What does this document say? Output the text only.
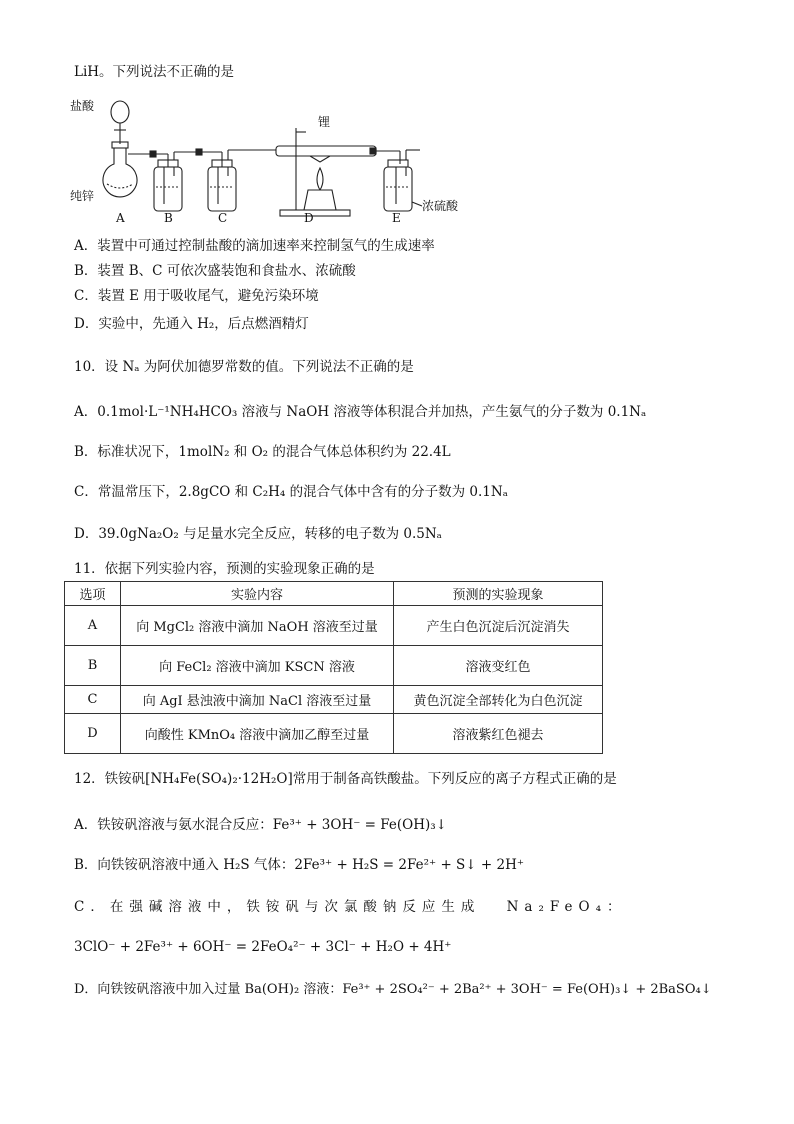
LiH。下列说法不正确的是
盐酸
纯锌
锂
浓硫酸
A	B	C	D	E
A．装置中可通过控制盐酸的滴加速率来控制氢气的生成速率
B．装置 B、C 可依次盛装饱和食盐水、浓硫酸
C．装置 E 用于吸收尾气，避免污染环境
D．实验中，先通入 H₂，后点燃酒精灯
10．设 Nₐ 为阿伏加德罗常数的值。下列说法不正确的是
A．0.1mol·L⁻¹NH₄HCO₃ 溶液与 NaOH 溶液等体积混合并加热，产生氨气的分子数为 0.1Nₐ
B．标准状况下，1molN₂ 和 O₂ 的混合气体总体积约为 22.4L
C．常温常压下，2.8gCO 和 C₂H₄ 的混合气体中含有的分子数为 0.1Nₐ
D．39.0gNa₂O₂ 与足量水完全反应，转移的电子数为 0.5Nₐ
11．依据下列实验内容，预测的实验现象正确的是
选项	实验内容	预测的实验现象
A	向 MgCl₂ 溶液中滴加 NaOH 溶液至过量	产生白色沉淀后沉淀消失
B	向 FeCl₂ 溶液中滴加 KSCN 溶液	溶液变红色
C	向 AgI 悬浊液中滴加 NaCl 溶液至过量	黄色沉淀全部转化为白色沉淀
D	向酸性 KMnO₄ 溶液中滴加乙醇至过量	溶液紫红色褪去
12．铁铵矾[NH₄Fe(SO₄)₂·12H₂O]常用于制备高铁酸盐。下列反应的离子方程式正确的是
A．铁铵矾溶液与氨水混合反应：Fe³⁺ + 3OH⁻ = Fe(OH)₃↓
B．向铁铵矾溶液中通入 H₂S 气体：2Fe³⁺ + H₂S = 2Fe²⁺ + S↓ + 2H⁺
C．在强碱溶液中，铁铵矾与次氯酸钠反应生成 Na₂FeO₄：
3ClO⁻ + 2Fe³⁺ + 6OH⁻ = 2FeO₄²⁻ + 3Cl⁻ + H₂O + 4H⁺
D．向铁铵矾溶液中加入过量 Ba(OH)₂ 溶液：Fe³⁺ + 2SO₄²⁻ + 2Ba²⁺ + 3OH⁻ = Fe(OH)₃↓ + 2BaSO₄↓
